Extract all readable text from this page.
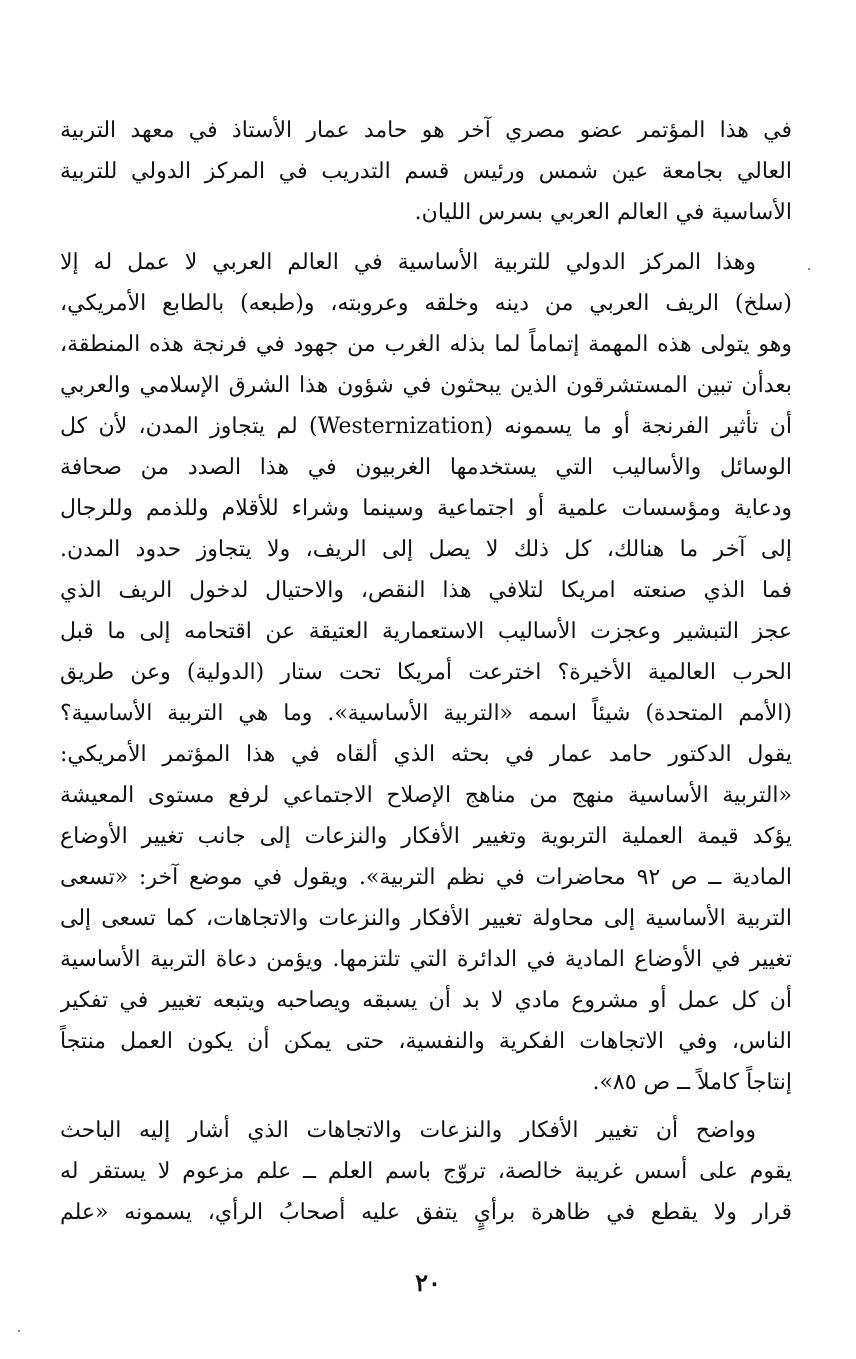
في هذا المؤتمر عضو مصري آخر هو حامد عمار الأستاذ في معهد التربية
العالي بجامعة عين شمس ورئيس قسم التدريب في المركز الدولي للتربية
الأساسية في العالم العربي بسرس الليان.
وهذا المركز الدولي للتربية الأساسية في العالم العربي لا عمل له إلا
(سلخ) الريف العربي من دينه وخلقه وعروبته، و(طبعه) بالطابع الأمريكي،
وهو يتولى هذه المهمة إتماماً لما بذله الغرب من جهود في فرنجة هذه المنطقة،
بعدأن تبين المستشرقون الذين يبحثون في شؤون هذا الشرق الإسلامي والعربي
أن تأثير الفرنجة أو ما يسمونه (Westernization) لم يتجاوز المدن، لأن كل
الوسائل والأساليب التي يستخدمها الغربيون في هذا الصدد من صحافة
ودعاية ومؤسسات علمية أو اجتماعية وسينما وشراء للأقلام وللذمم وللرجال
إلى آخر ما هنالك، كل ذلك لا يصل إلى الريف، ولا يتجاوز حدود المدن.
فما الذي صنعته امريكا لتلافي هذا النقص، والاحتيال لدخول الريف الذي
عجز التبشير وعجزت الأساليب الاستعمارية العتيقة عن اقتحامه إلى ما قبل
الحرب العالمية الأخيرة؟ اخترعت أمريكا تحت ستار (الدولية) وعن طريق
(الأمم المتحدة) شيئاً اسمه «التربية الأساسية». وما هي التربية الأساسية؟
يقول الدكتور حامد عمار في بحثه الذي ألقاه في هذا المؤتمر الأمريكي:
«التربية الأساسية منهج من مناهج الإصلاح الاجتماعي لرفع مستوى المعيشة
يؤكد قيمة العملية التربوية وتغيير الأفكار والنزعات إلى جانب تغيير الأوضاع
المادية ــ ص ٩٢ محاضرات في نظم التربية». ويقول في موضع آخر: «تسعى
التربية الأساسية إلى محاولة تغيير الأفكار والنزعات والاتجاهات، كما تسعى إلى
تغيير في الأوضاع المادية في الدائرة التي تلتزمها. ويؤمن دعاة التربية الأساسية
أن كل عمل أو مشروع مادي لا بد أن يسبقه ويصاحبه ويتبعه تغيير في تفكير
الناس، وفي الاتجاهات الفكرية والنفسية، حتى يمكن أن يكون العمل منتجاً
إنتاجاً كاملاً ــ ص ٨٥».
وواضح أن تغيير الأفكار والنزعات والاتجاهات الذي أشار إليه الباحث
يقوم على أسس غريبة خالصة، تروّج باسم العلم ــ علم مزعوم لا يستقر له
قرار ولا يقطع في ظاهرة برأيٍ يتفق عليه أصحابُ الرأي، يسمونه «علم
٢٠
